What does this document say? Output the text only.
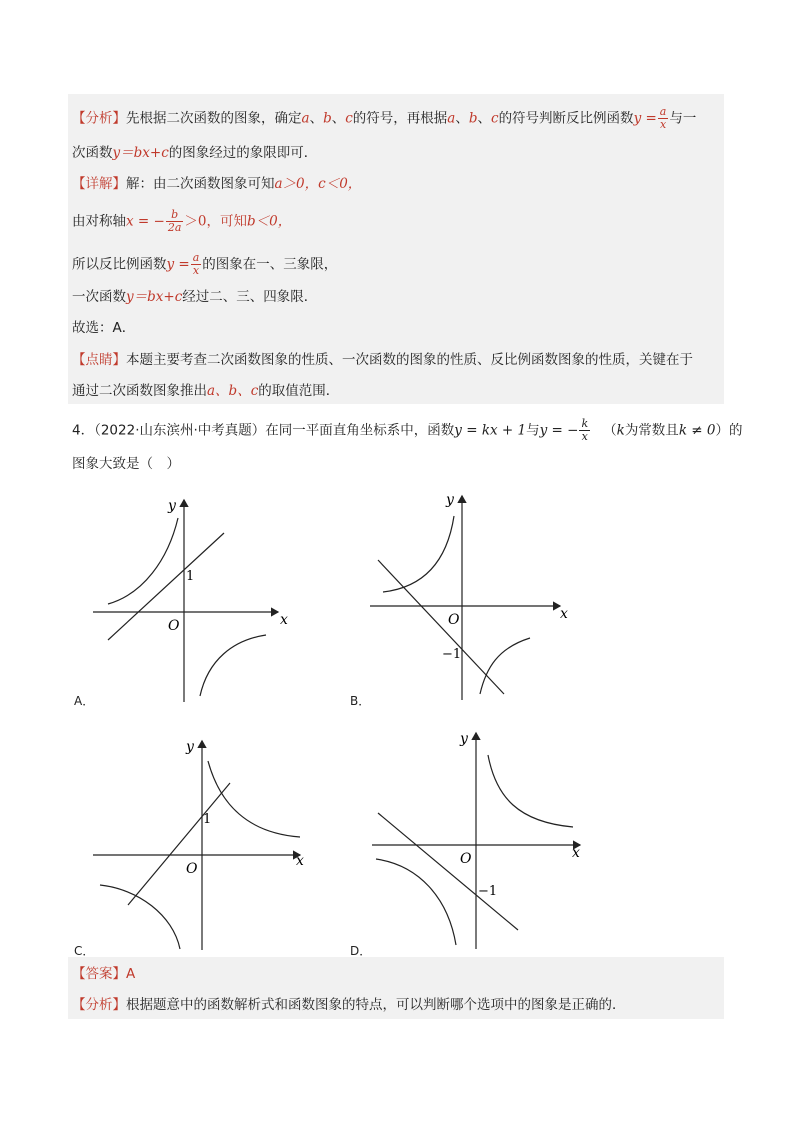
【分析】先根据二次函数的图象，确定a、b、c的符号，再根据a、b、c的符号判断反比例函数$y = \frac{a}{x}$ 与一
次函数y＝bx+c的图象经过的象限即可．
【详解】解：由二次函数图象可知a＞0，c＜0，
由对称轴x = − $\frac{b}{2a} >0$，可知b＜0，
所以反比例函数$y = \frac{a}{x}$ 的图象在一、三象限，
一次函数y＝bx+c经过二、三、四象限．
故选：A．
【点睛】本题主要考查二次函数图象的性质、一次函数的图象的性质、反比例函数图象的性质，关键在于
通过二次函数图象推出a、b、c的取值范围．
4．（2022·山东滨州·中考真题）在同一平面直角坐标系中，函数y = kx + 1与y = − $\frac{k}{x} (k$为常数且k ≠ 0）的
图象大致是（　）
y
x
O
1
A．
y
x
O
−1
B．
y
x
O
1
C．
y
x
O
−1
D．
【答案】A
【分析】根据题意中的函数解析式和函数图象的特点，可以判断哪个选项中的图象是正确的．
